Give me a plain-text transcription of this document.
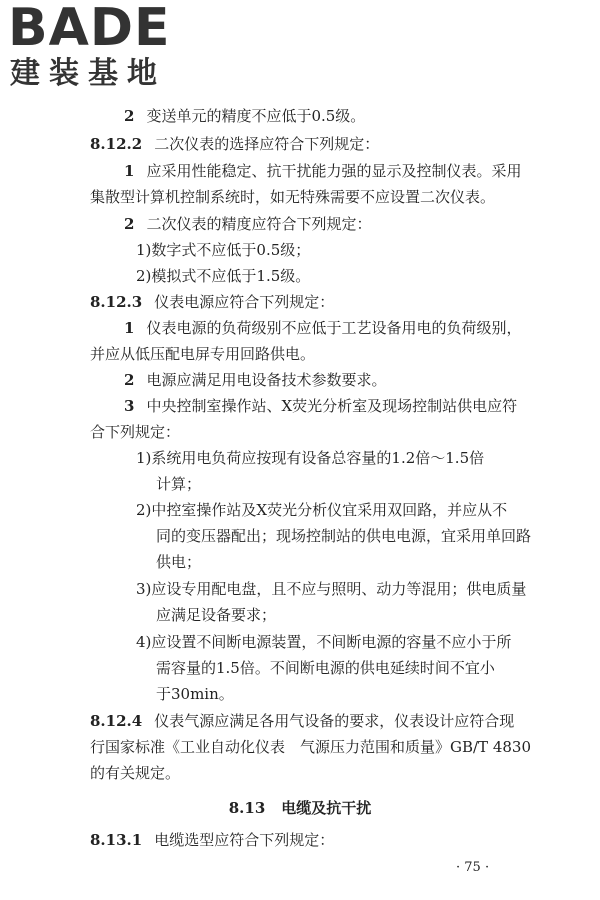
BADE
建装基地
2 变送单元的精度不应低于0.5级。
8.12.2 二次仪表的选择应符合下列规定：
1 应采用性能稳定、抗干扰能力强的显示及控制仪表。采用
集散型计算机控制系统时，如无特殊需要不应设置二次仪表。
2 二次仪表的精度应符合下列规定：
1)数字式不应低于0.5级；
2)模拟式不应低于1.5级。
8.12.3 仪表电源应符合下列规定：
1 仪表电源的负荷级别不应低于工艺设备用电的负荷级别，
并应从低压配电屏专用回路供电。
2 电源应满足用电设备技术参数要求。
3 中央控制室操作站、X荧光分析室及现场控制站供电应符
合下列规定：
1)系统用电负荷应按现有设备总容量的1.2倍～1.5倍
计算；
2)中控室操作站及X荧光分析仪宜采用双回路，并应从不
同的变压器配出；现场控制站的供电电源，宜采用单回路
供电；
3)应设专用配电盘，且不应与照明、动力等混用；供电质量
应满足设备要求；
4)应设置不间断电源装置，不间断电源的容量不应小于所
需容量的1.5倍。不间断电源的供电延续时间不宜小
于30min。
8.12.4 仪表气源应满足各用气设备的要求，仪表设计应符合现
行国家标准《工业自动化仪表　气源压力范围和质量》GB/T 4830
的有关规定。
8.13 电缆及抗干扰
8.13.1 电缆选型应符合下列规定：
· 75 ·
